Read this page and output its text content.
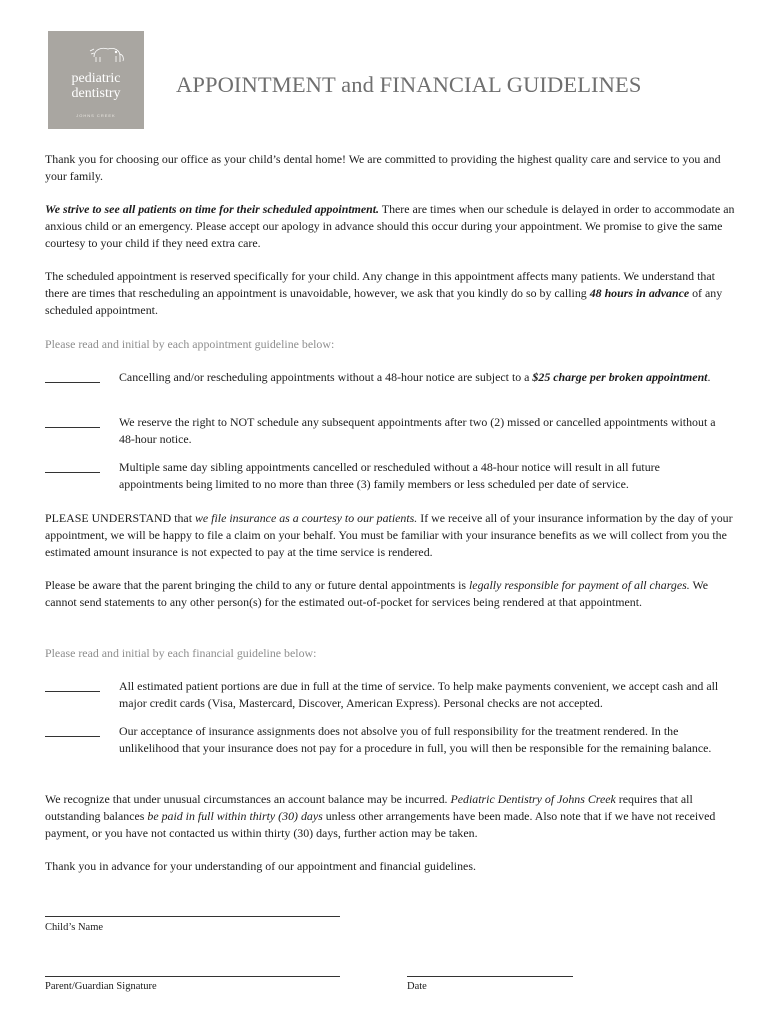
pediatric
dentistry
JOHNS CREEK
APPOINTMENT and FINANCIAL GUIDELINES

Thank you for choosing our office as your child’s dental home! We are committed to providing the highest quality care and service to you and your family.

We strive to see all patients on time for their scheduled appointment. There are times when our schedule is delayed in order to accommodate an anxious child or an emergency. Please accept our apology in advance should this occur during your appointment. We promise to give the same courtesy to your child if they need extra care.

The scheduled appointment is reserved specifically for your child. Any change in this appointment affects many patients. We understand that there are times that rescheduling an appointment is unavoidable, however, we ask that you kindly do so by calling 48 hours in advance of any scheduled appointment.

Please read and initial by each appointment guideline below:

Cancelling and/or rescheduling appointments without a 48-hour notice are subject to a $25 charge per broken appointment.
We reserve the right to NOT schedule any subsequent appointments after two (2) missed or cancelled appointments without a 48-hour notice.
Multiple same day sibling appointments cancelled or rescheduled without a 48-hour notice will result in all future appointments being limited to no more than three (3) family members or less scheduled per date of service.

PLEASE UNDERSTAND that we file insurance as a courtesy to our patients. If we receive all of your insurance information by the day of your appointment, we will be happy to file a claim on your behalf. You must be familiar with your insurance benefits as we will collect from you the estimated amount insurance is not expected to pay at the time service is rendered.

Please be aware that the parent bringing the child to any or future dental appointments is legally responsible for payment of all charges. We cannot send statements to any other person(s) for the estimated out-of-pocket for services being rendered at that appointment.

Please read and initial by each financial guideline below:

All estimated patient portions are due in full at the time of service. To help make payments convenient, we accept cash and all major credit cards (Visa, Mastercard, Discover, American Express). Personal checks are not accepted.
Our acceptance of insurance assignments does not absolve you of full responsibility for the treatment rendered. In the unlikelihood that your insurance does not pay for a procedure in full, you will then be responsible for the remaining balance.

We recognize that under unusual circumstances an account balance may be incurred. Pediatric Dentistry of Johns Creek requires that all outstanding balances be paid in full within thirty (30) days unless other arrangements have been made. Also note that if we have not received payment, or you have not contacted us within thirty (30) days, further action may be taken.

Thank you in advance for your understanding of our appointment and financial guidelines.

Child’s Name
Parent/Guardian Signature	Date
